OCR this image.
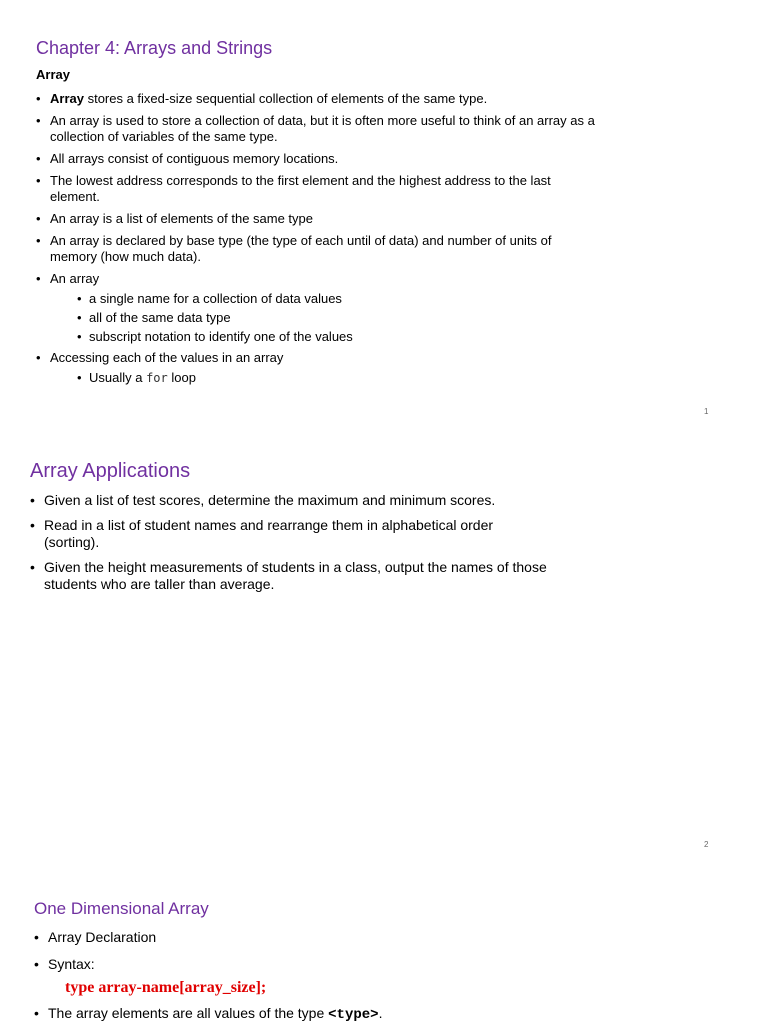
Chapter 4: Arrays and Strings
Array
• Array stores a fixed-size sequential collection of elements of the same type.
• An array is used to store a collection of data, but it is often more useful to think of an array as a
collection of variables of the same type.
• All arrays consist of contiguous memory locations.
• The lowest address corresponds to the first element and the highest address to the last
element.
• An array is a list of elements of the same type
• An array is declared by base type (the type of each until of data) and number of units of
memory (how much data).
• An array
• a single name for a collection of data values
• all of the same data type
• subscript notation to identify one of the values
• Accessing each of the values in an array
• Usually a for loop
1
Array Applications
• Given a list of test scores, determine the maximum and minimum scores.
• Read in a list of student names and rearrange them in alphabetical order
(sorting).
• Given the height measurements of students in a class, output the names of those
students who are taller than average.
2
One Dimensional Array
• Array Declaration
• Syntax:
type array-name[array_size];
• The array elements are all values of the type <type>.
